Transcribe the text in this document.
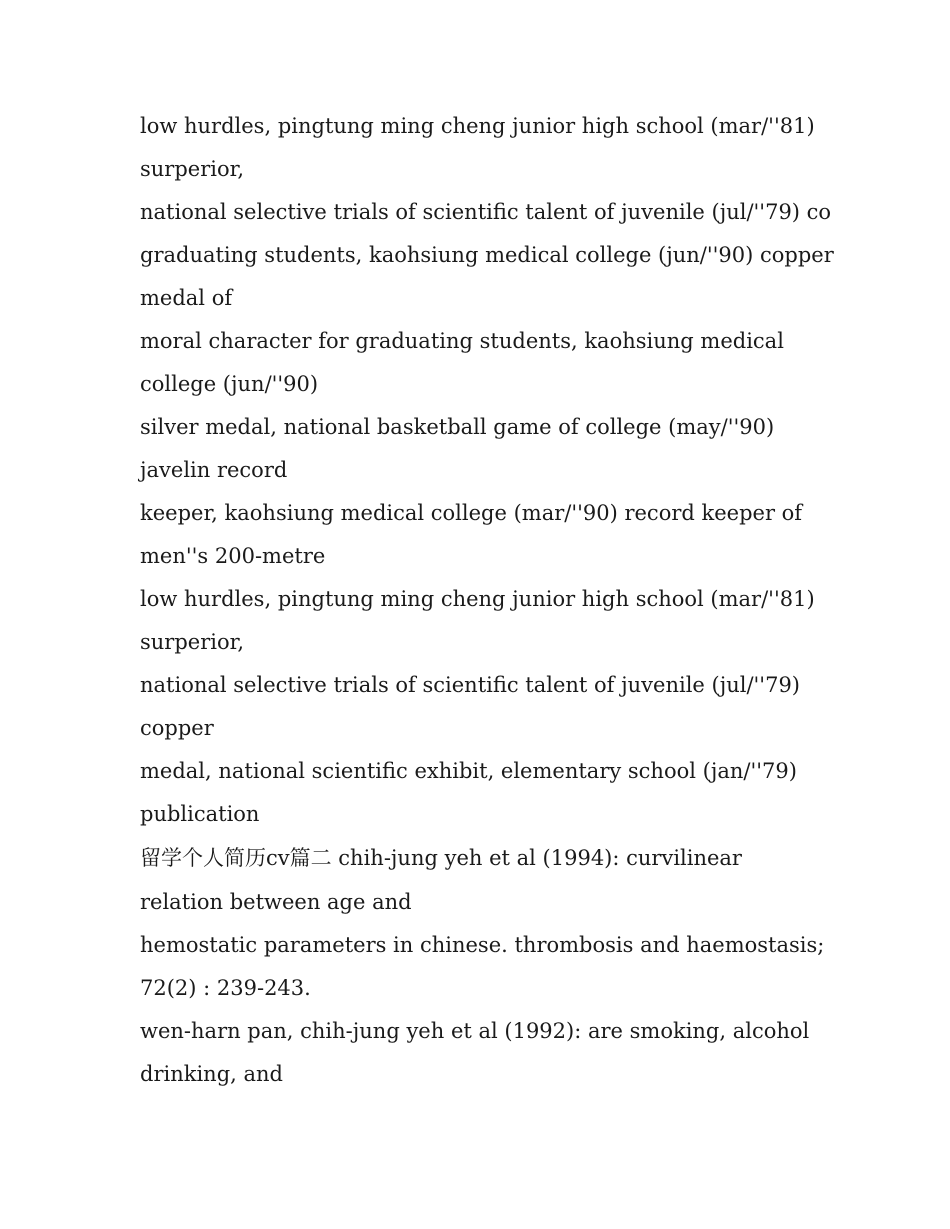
low hurdles, pingtung ming cheng junior high school (mar/''81)

surperior,

national selective trials of scientific talent of juvenile (jul/''79) co

graduating students, kaohsiung medical college (jun/''90) copper

medal of

moral character for graduating students, kaohsiung medical

college (jun/''90)

silver medal, national basketball game of college (may/''90)

javelin record

keeper, kaohsiung medical college (mar/''90) record keeper of

men''s 200-metre

low hurdles, pingtung ming cheng junior high school (mar/''81)

surperior,

national selective trials of scientific talent of juvenile (jul/''79)

copper

medal, national scientific exhibit, elementary school (jan/''79)

publication

留学个人简历cv篇二 chih-jung yeh et al (1994): curvilinear

relation between age and

hemostatic parameters in chinese. thrombosis and haemostasis;

72(2) : 239-243.

wen-harn pan, chih-jung yeh et al (1992): are smoking, alcohol

drinking, and
